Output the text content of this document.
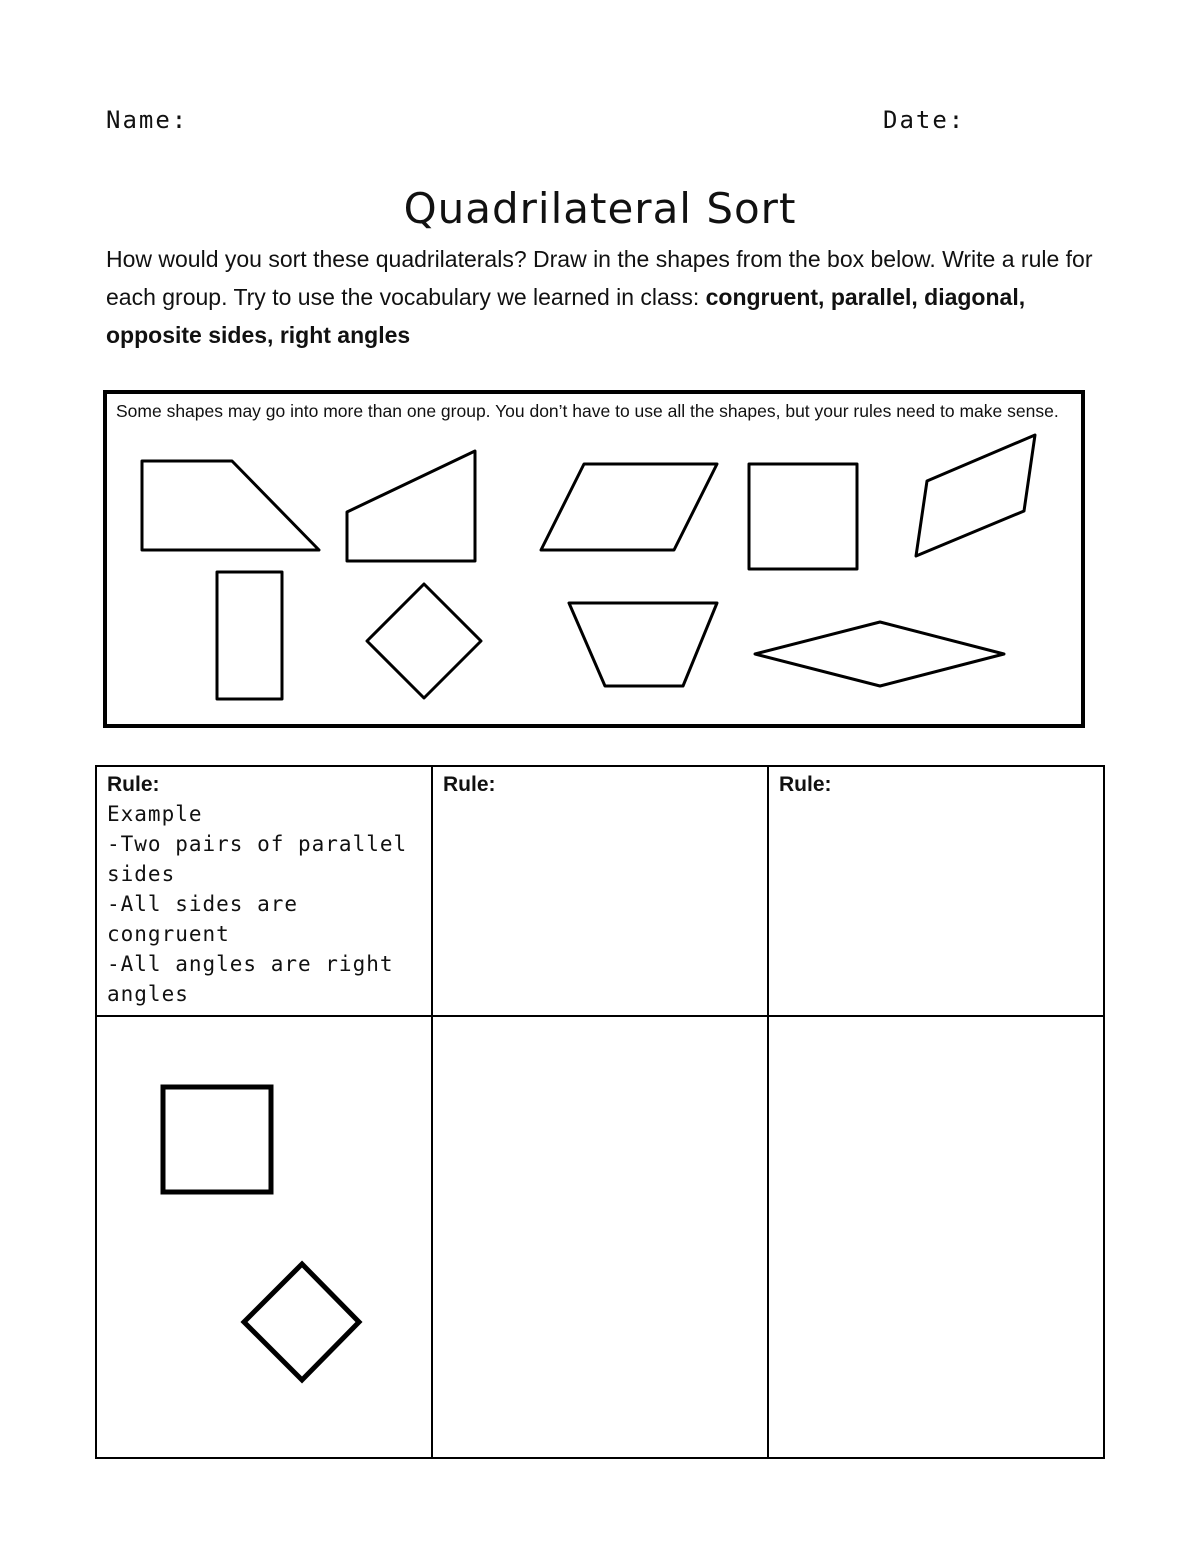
Name:	Date:
Quadrilateral Sort
How would you sort these quadrilaterals? Draw in the shapes from the box below. Write a rule for each group. Try to use the vocabulary we learned in class: congruent, parallel, diagonal, opposite sides, right angles
Some shapes may go into more than one group. You don’t have to use all the shapes, but your rules need to make sense.
Rule:
Example
-Two pairs of parallel sides
-All sides are congruent
-All angles are right angles	Rule:	Rule:
